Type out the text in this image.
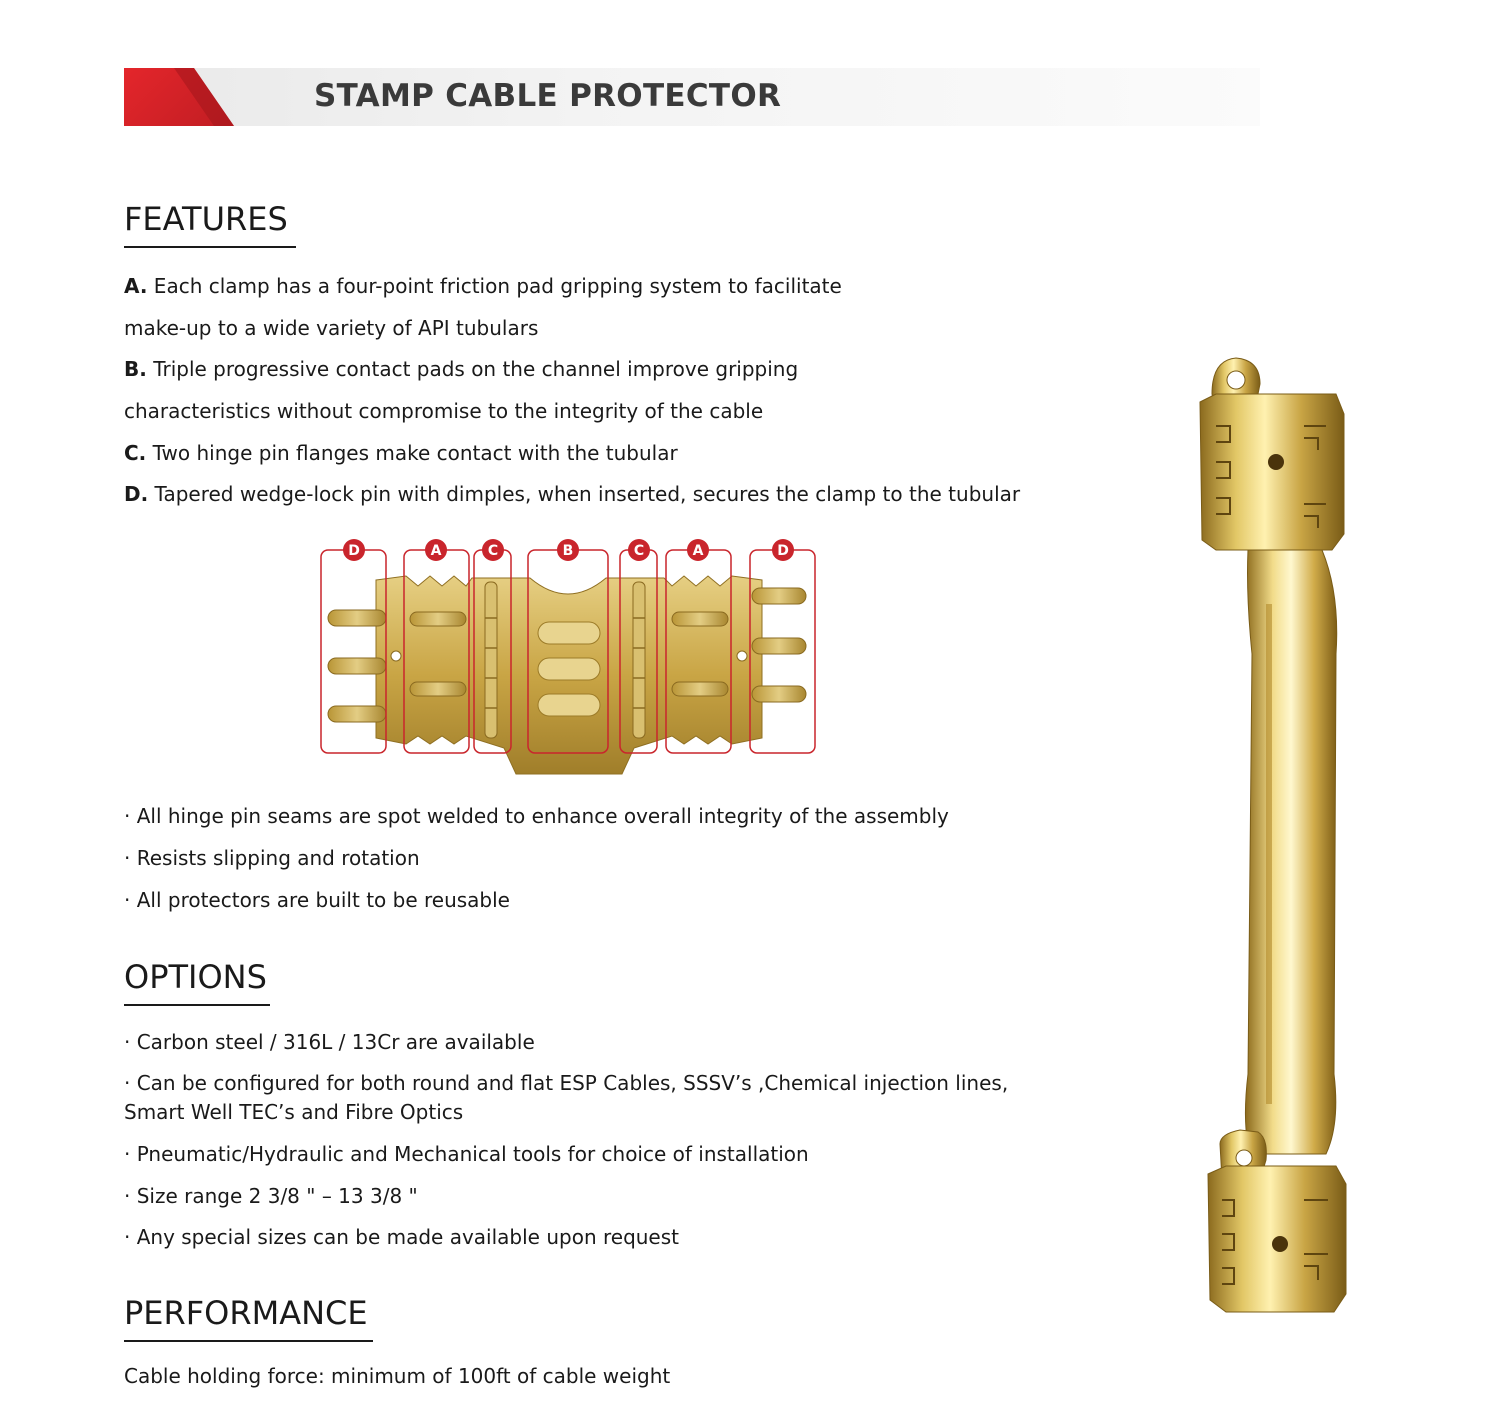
STAMP CABLE PROTECTOR
FEATURES
A. Each clamp has a four-point friction pad gripping system to facilitate
make-up to a wide variety of API tubulars
B. Triple progressive contact pads on the channel improve gripping
characteristics without compromise to the integrity of the cable
C. Two hinge pin flanges make contact with the tubular
D. Tapered wedge-lock pin with dimples, when inserted, secures the clamp to the tubular
D	A	C	B	C	A	D
· All hinge pin seams are spot welded to enhance overall integrity of the assembly
· Resists slipping and rotation
· All protectors are built to be reusable
OPTIONS
· Carbon steel / 316L / 13Cr are available
· Can be configured for both round and flat ESP Cables, SSSV’s ,Chemical injection lines,
Smart Well TEC’s and Fibre Optics
· Pneumatic/Hydraulic and Mechanical tools for choice of installation
· Size range 2 3/8 " – 13 3/8 "
· Any special sizes can be made available upon request
PERFORMANCE
Cable holding force: minimum of 100ft of cable weight
